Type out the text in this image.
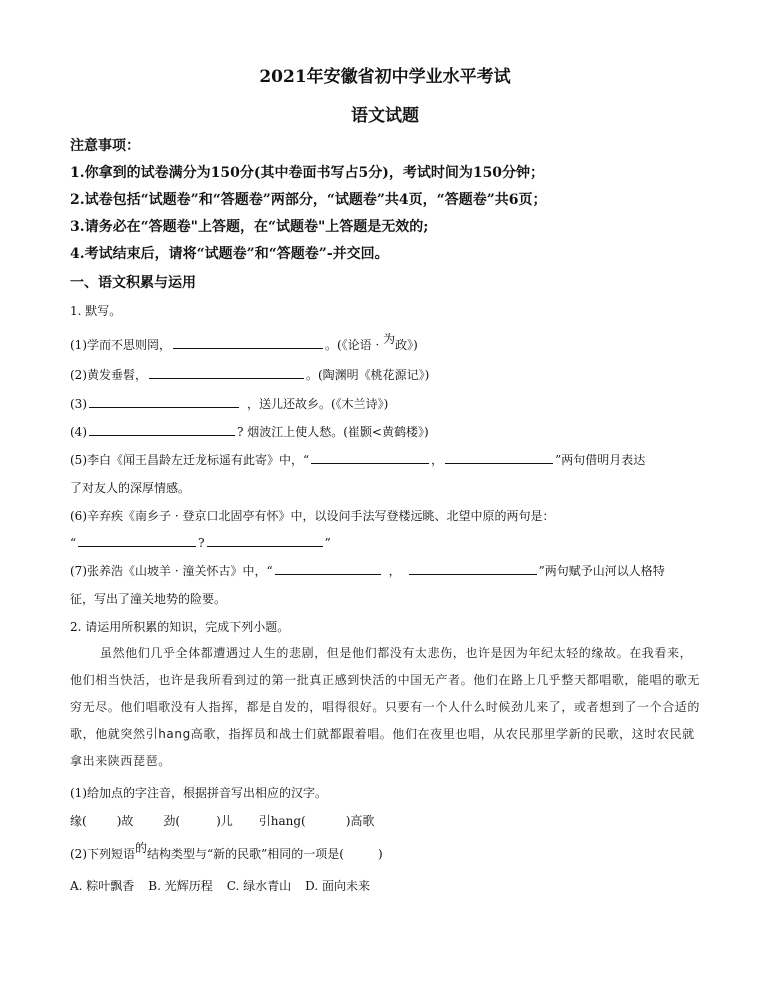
2021年安徽省初中学业水平考试
语文试题
注意事项：
1.你拿到的试卷满分为150分(其中卷面书写占5分)，考试时间为150分钟；
2.试卷包括“试题卷”和“答题卷”两部分，“试题卷”共4页，“答题卷”共6页；
3.请务必在“答题卷"上答题，在“试题卷"上答题是无效的;
4.考试结束后，请将“试题卷”和“答题卷”-并交回。
一、语文积累与运用
1. 默写。
(1)学而不思则罔，	。(《论语 · 为政》)
(2)黄发垂髫，	。(陶渊明《桃花源记》)
(3)	，送儿还故乡。(《木兰诗》)
(4)	? 烟波江上使人愁。(崔颢<黄鹤楼》)
(5)李白《闻王昌龄左迁龙标遥有此寄》中，“	，	”两句借明月表达
了对友人的深厚情感。
(6)辛弃疾《南乡子 · 登京口北固亭有怀》中，以设问手法写登楼远眺、北望中原的两句是：
“	?	”
(7)张养浩《山坡羊 · 潼关怀古》中，“	，	”两句赋予山河以人格特
征，写出了潼关地势的险要。
2. 请运用所积累的知识，完成下列小题。
虽然他们几乎全体都遭遇过人生的悲剧，但是他们都没有太悲伤，也许是因为年纪太轻的缘故。在我看来，他们相当快活，也许是我所看到过的第一批真正感到快活的中国无产者。他们在路上几乎整天都唱歌，能唱的歌无穷无尽。他们唱歌没有人指挥，都是自发的，唱得很好。只要有一个人什么时候劲儿来了，或者想到了一个合适的歌，他就突然引hang高歌，指挥员和战士们就都跟着唱。他们在夜里也唱，从农民那里学新的民歌，这时农民就拿出来陕西琵琶。
(1)给加点的字注音，根据拼音写出相应的汉字。
缘(	)故	劲(	)儿 引hang(	)高歌
(2)下列短语的结构类型与“新的民歌”相同的一项是(	)
A. 粽叶飘香 B. 光辉历程 C. 绿水青山 D. 面向未来
